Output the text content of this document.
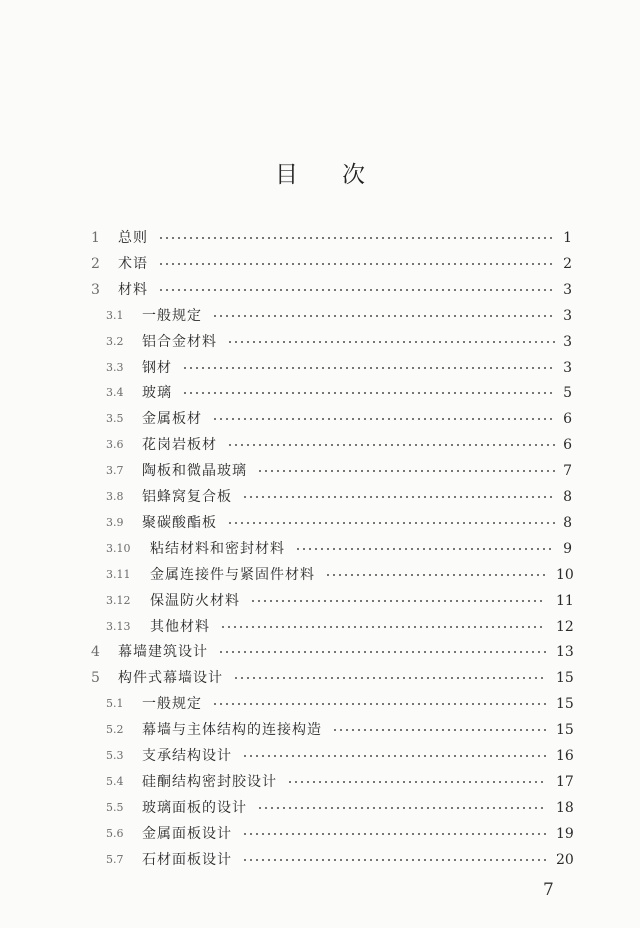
目 次
1 总则	1
2 术语	2
3 材料	3
3.1 一般规定	3
3.2 铝合金材料	3
3.3 钢材	3
3.4 玻璃	5
3.5 金属板材	6
3.6 花岗岩板材	6
3.7 陶板和微晶玻璃	7
3.8 铝蜂窝复合板	8
3.9 聚碳酸酯板	8
3.10 粘结材料和密封材料	9
3.11 金属连接件与紧固件材料	10
3.12 保温防火材料	11
3.13 其他材料	12
4 幕墙建筑设计	13
5 构件式幕墙设计	15
5.1 一般规定	15
5.2 幕墙与主体结构的连接构造	15
5.3 支承结构设计	16
5.4 硅酮结构密封胶设计	17
5.5 玻璃面板的设计	18
5.6 金属面板设计	19
5.7 石材面板设计	20
7
